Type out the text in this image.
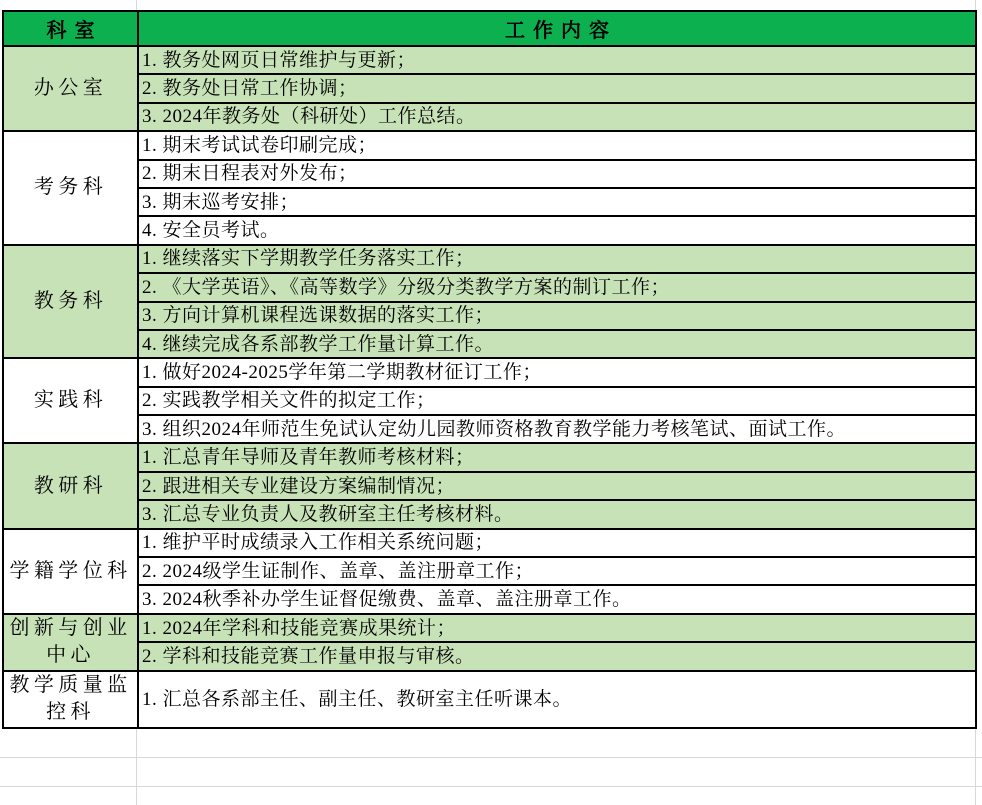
科室	工作内容
办公室
1. 教务处网页日常维护与更新；
2. 教务处日常工作协调；
3. 2024年教务处（科研处）工作总结。
考务科
1. 期末考试试卷印刷完成；
2. 期末日程表对外发布；
3. 期末巡考安排；
4. 安全员考试。
教务科
1. 继续落实下学期教学任务落实工作；
2. 《大学英语》、《高等数学》分级分类教学方案的制订工作；
3. 方向计算机课程选课数据的落实工作；
4. 继续完成各系部教学工作量计算工作。
实践科
1. 做好2024-2025学年第二学期教材征订工作；
2. 实践教学相关文件的拟定工作；
3. 组织2024年师范生免试认定幼儿园教师资格教育教学能力考核笔试、面试工作。
教研科
1. 汇总青年导师及青年教师考核材料；
2. 跟进相关专业建设方案编制情况；
3. 汇总专业负责人及教研室主任考核材料。
学籍学位科
1. 维护平时成绩录入工作相关系统问题；
2. 2024级学生证制作、盖章、盖注册章工作；
3. 2024秋季补办学生证督促缴费、盖章、盖注册章工作。
创新与创业中心
1. 2024年学科和技能竞赛成果统计；
2. 学科和技能竞赛工作量申报与审核。
教学质量监控科
1. 汇总各系部主任、副主任、教研室主任听课本。
